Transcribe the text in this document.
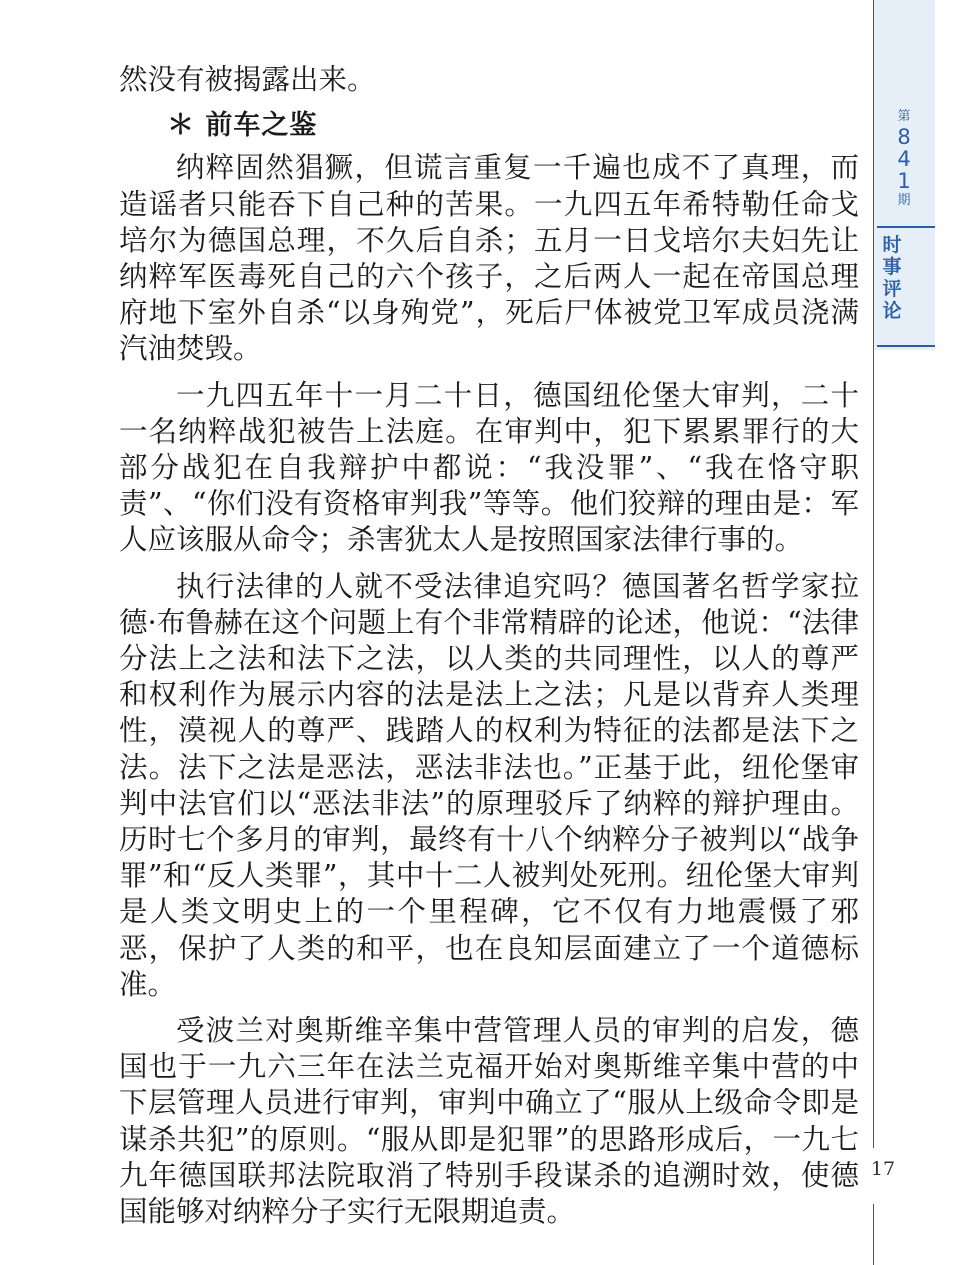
然没有被揭露出来。

＊ 前车之鉴

纳粹固然猖獗，但谎言重复一千遍也成不了真理，而造谣者只能吞下自己种的苦果。一九四五年希特勒任命戈培尔为德国总理，不久后自杀；五月一日戈培尔夫妇先让纳粹军医毒死自己的六个孩子，之后两人一起在帝国总理府地下室外自杀“以身殉党”，死后尸体被党卫军成员浇满汽油焚毁。

一九四五年十一月二十日，德国纽伦堡大审判，二十一名纳粹战犯被告上法庭。在审判中，犯下累累罪行的大部分战犯在自我辩护中都说：“我没罪”、“我在恪守职责”、“你们没有资格审判我”等等。他们狡辩的理由是：军人应该服从命令；杀害犹太人是按照国家法律行事的。

执行法律的人就不受法律追究吗？德国著名哲学家拉德·布鲁赫在这个问题上有个非常精辟的论述，他说：“法律分法上之法和法下之法，以人类的共同理性，以人的尊严和权利作为展示内容的法是法上之法；凡是以背弃人类理性，漠视人的尊严、践踏人的权利为特征的法都是法下之法。法下之法是恶法，恶法非法也。”正基于此，纽伦堡审判中法官们以“恶法非法”的原理驳斥了纳粹的辩护理由。历时七个多月的审判，最终有十八个纳粹分子被判以“战争罪”和“反人类罪”，其中十二人被判处死刑。纽伦堡大审判是人类文明史上的一个里程碑，它不仅有力地震慑了邪恶，保护了人类的和平，也在良知层面建立了一个道德标准。

受波兰对奥斯维辛集中营管理人员的审判的启发，德国也于一九六三年在法兰克福开始对奥斯维辛集中营的中下层管理人员进行审判，审判中确立了“服从上级命令即是谋杀共犯”的原则。“服从即是犯罪”的思路形成后，一九七九年德国联邦法院取消了特别手段谋杀的追溯时效，使德国能够对纳粹分子实行无限期追责。

第
8
4
1
期
时
事
评
论
17
